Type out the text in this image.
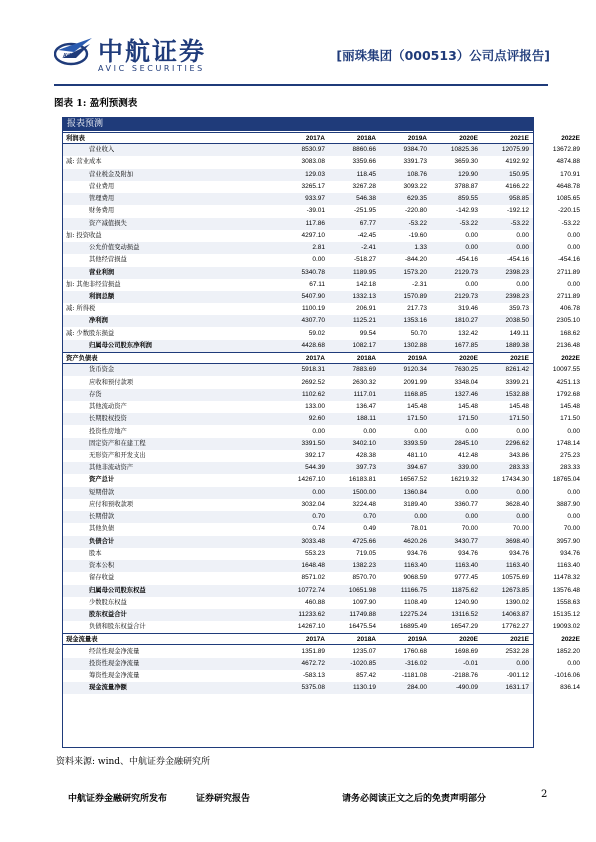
AVIC 中航证券
AVIC SECURITIES
[丽珠集团（000513）公司点评报告]
图表 1: 盈利预测表
报表预测
利润表	2017A	2018A	2019A	2020E	2021E	2022E
营业收入	8530.97	8860.66	9384.70	10825.36	12075.99	13672.89
减: 营业成本	3083.08	3359.66	3391.73	3659.30	4192.92	4874.88
营业税金及附加	129.03	118.45	108.76	129.90	150.95	170.91
营业费用	3265.17	3267.28	3093.22	3788.87	4166.22	4648.78
管理费用	933.97	546.38	629.35	859.55	958.85	1085.65
财务费用	-39.01	-251.95	-220.80	-142.93	-192.12	-220.15
资产减值损失	117.86	67.77	-53.22	-53.22	-53.22	-53.22
加: 投资收益	4297.10	-42.45	-19.60	0.00	0.00	0.00
公允价值变动损益	2.81	-2.41	1.33	0.00	0.00	0.00
其他经营损益	0.00	-518.27	-844.20	-454.16	-454.16	-454.16
营业利润	5340.78	1189.95	1573.20	2129.73	2398.23	2711.89
加: 其他非经营损益	67.11	142.18	-2.31	0.00	0.00	0.00
利润总额	5407.90	1332.13	1570.89	2129.73	2398.23	2711.89
减: 所得税	1100.19	206.91	217.73	319.46	359.73	406.78
净利润	4307.70	1125.21	1353.16	1810.27	2038.50	2305.10
减: 少数股东损益	59.02	99.54	50.70	132.42	149.11	168.62
归属母公司股东净利润	4428.68	1082.17	1302.88	1677.85	1889.38	2136.48
资产负债表	2017A	2018A	2019A	2020E	2021E	2022E
货币资金	5918.31	7883.69	9120.34	7630.25	8261.42	10097.55
应收和预付款项	2692.52	2630.32	2091.99	3348.04	3399.21	4251.13
存货	1102.62	1117.01	1168.85	1327.46	1532.88	1792.68
其他流动资产	133.00	136.47	145.48	145.48	145.48	145.48
长期股权投资	92.60	188.11	171.50	171.50	171.50	171.50
投资性房地产	0.00	0.00	0.00	0.00	0.00	0.00
固定资产和在建工程	3391.50	3402.10	3393.59	2845.10	2296.62	1748.14
无形资产和开发支出	392.17	428.38	481.10	412.48	343.86	275.23
其他非流动资产	544.39	397.73	394.67	339.00	283.33	283.33
资产总计	14267.10	16183.81	16567.52	16219.32	17434.30	18765.04
短期借款	0.00	1500.00	1360.84	0.00	0.00	0.00
应付和预收款项	3032.04	3224.48	3189.40	3360.77	3628.40	3887.90
长期借款	0.70	0.70	0.00	0.00	0.00	0.00
其他负债	0.74	0.49	78.01	70.00	70.00	70.00
负债合计	3033.48	4725.66	4620.26	3430.77	3698.40	3957.90
股本	553.23	719.05	934.76	934.76	934.76	934.76
资本公积	1648.48	1382.23	1163.40	1163.40	1163.40	1163.40
留存收益	8571.02	8570.70	9068.59	9777.45	10575.69	11478.32
归属母公司股东权益	10772.74	10651.98	11166.75	11875.62	12673.85	13576.48
少数股东权益	460.88	1097.90	1108.49	1240.90	1390.02	1558.63
股东权益合计	11233.62	11749.88	12275.24	13116.52	14063.87	15135.12
负债和股东权益合计	14267.10	16475.54	16895.49	16547.29	17762.27	19093.02
现金流量表	2017A	2018A	2019A	2020E	2021E	2022E
经营性现金净流量	1351.89	1235.07	1760.68	1698.69	2532.28	1852.20
投资性现金净流量	4672.72	-1020.85	-316.02	-0.01	0.00	0.00
筹资性现金净流量	-583.13	857.42	-1181.08	-2188.76	-901.12	-1016.06
现金流量净额	5375.08	1130.19	284.00	-490.09	1631.17	836.14
资料来源: wind、中航证券金融研究所
中航证券金融研究所发布	证券研究报告	请务必阅读正文之后的免责声明部分	2
